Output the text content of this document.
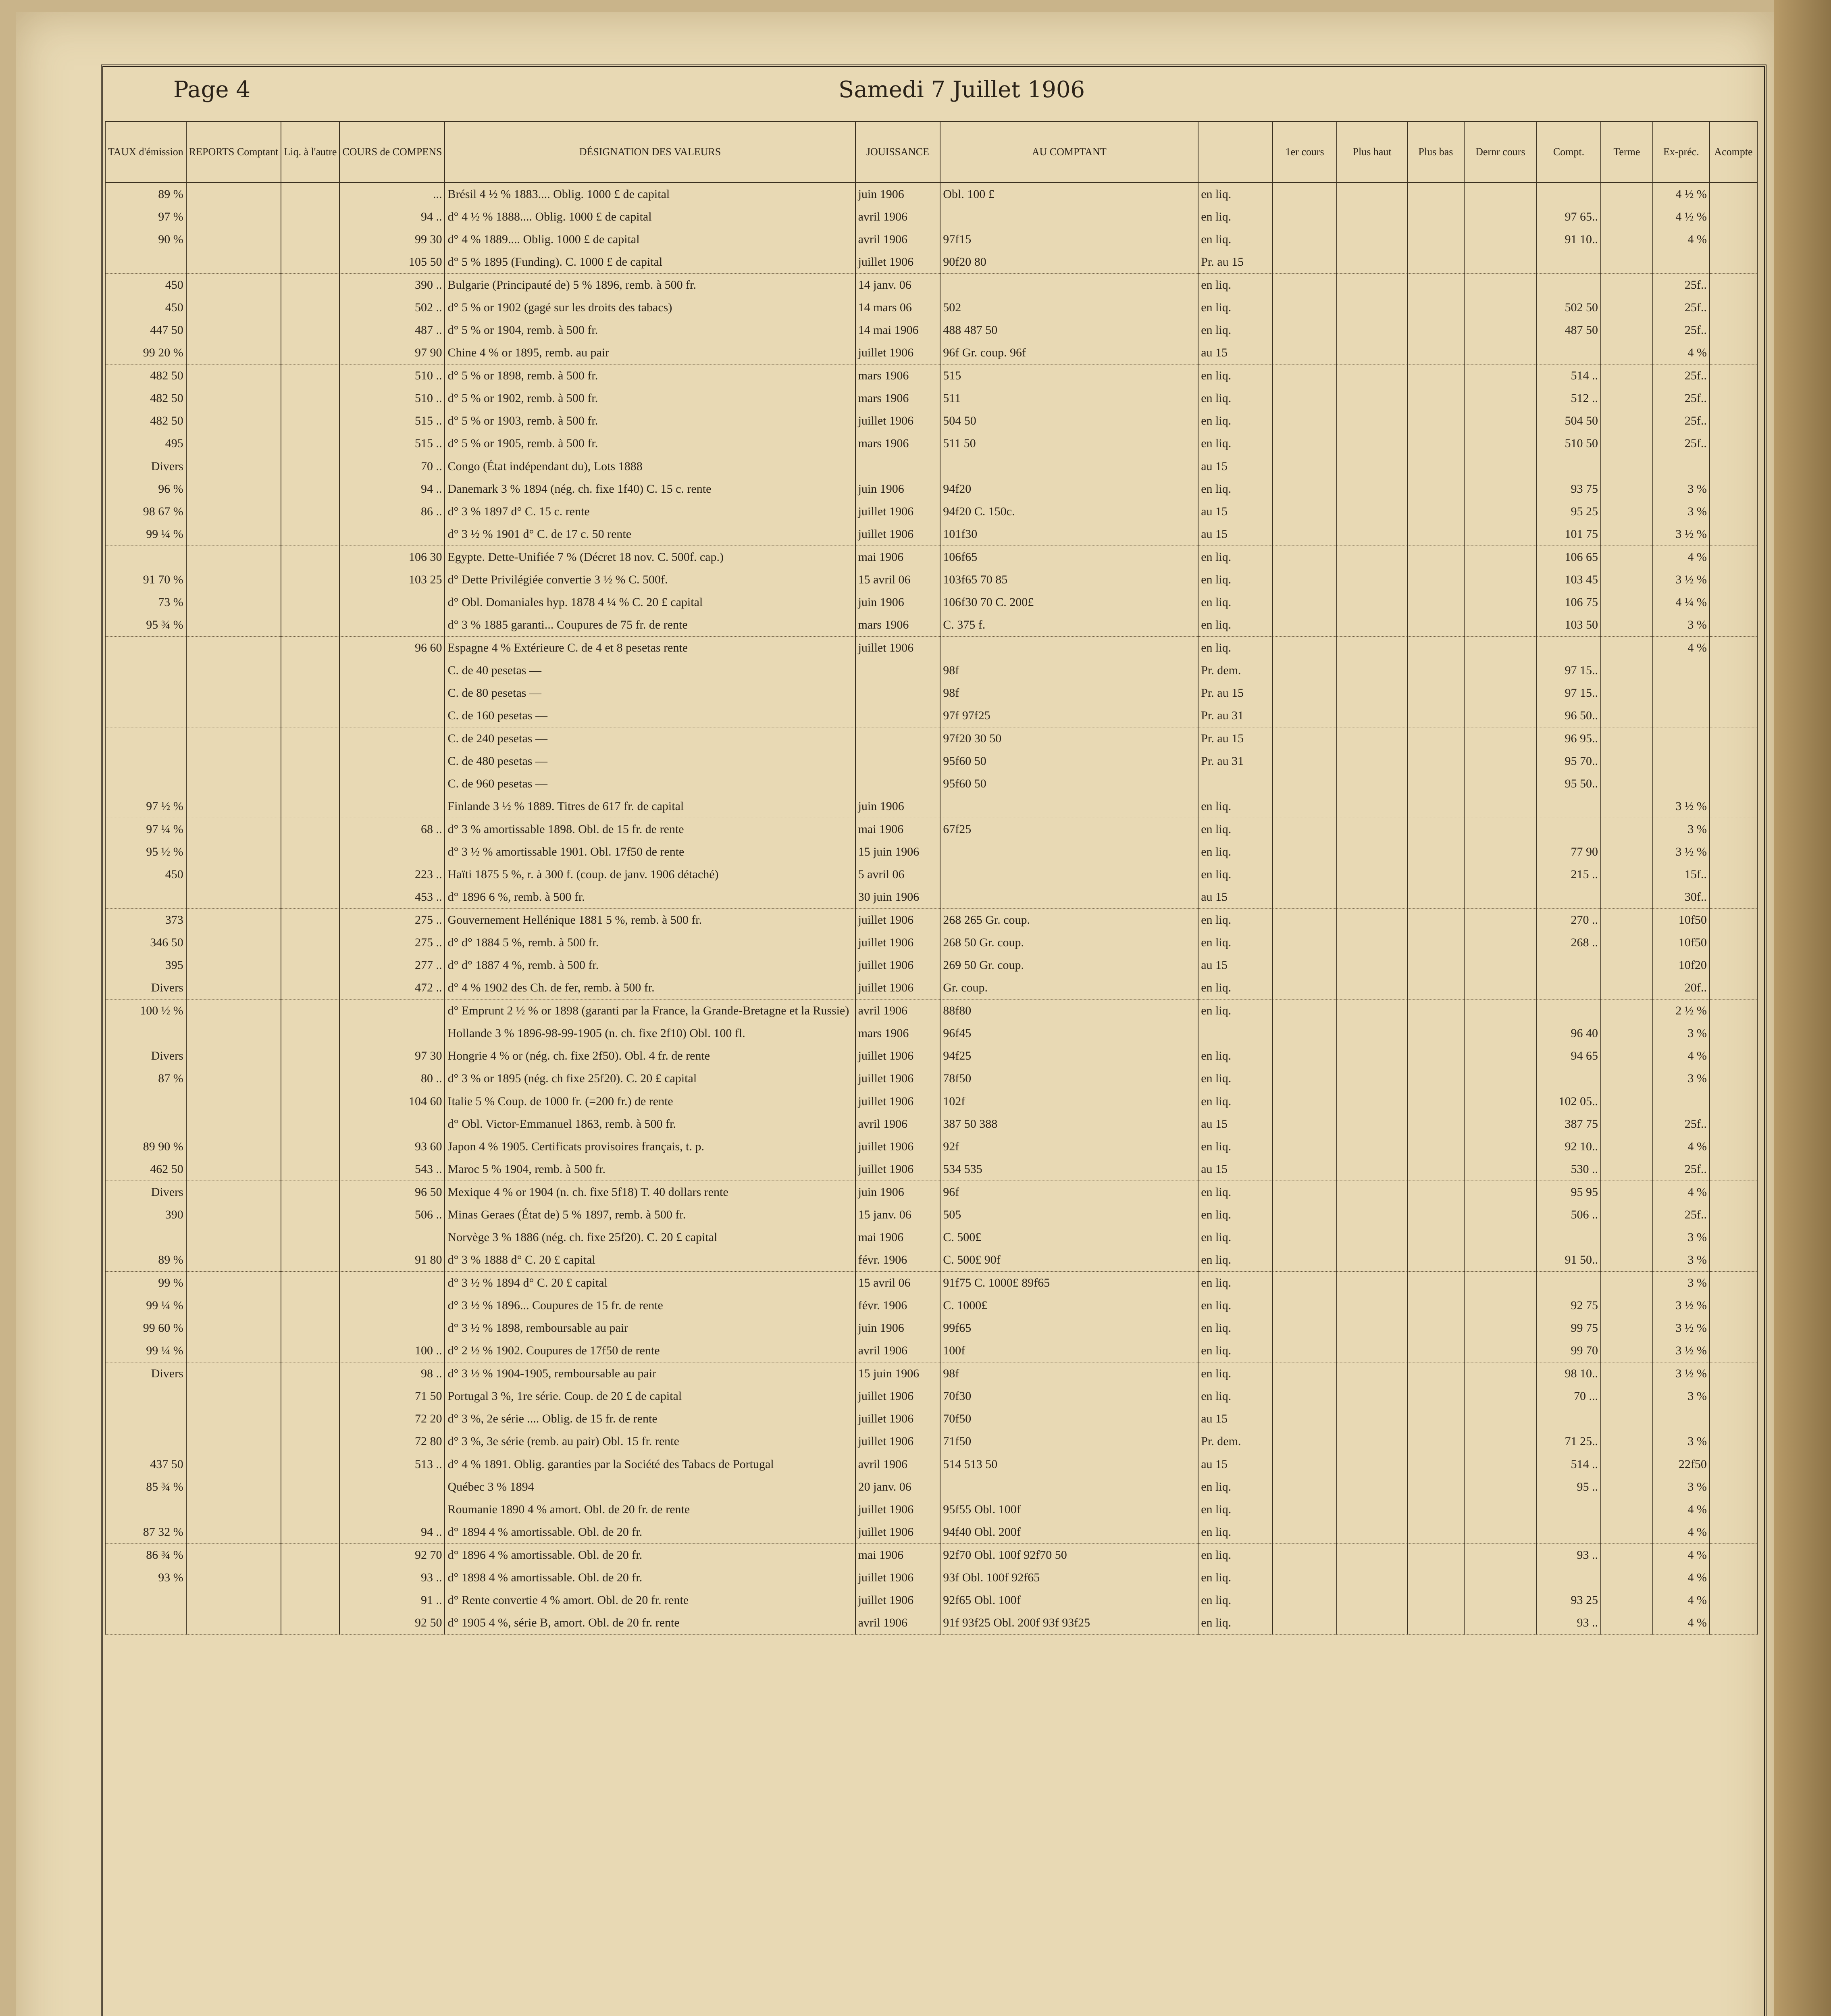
Page 4	Samedi 7 Juillet 1906
TAUX d'émission	REPORTS Comptant	Liq. à l'autre	COURS de COMPENS	DÉSIGNATION DES VALEURS	JOUISSANCE	AU COMPTANT		1er cours	Plus haut	Plus bas	Dernr cours	Compt.	Terme	Ex-préc.	Acompte
89 %			...	Brésil 4 ½ % 1883.... Oblig. 1000 £ de capital	juin 1906	Obl. 100 £	en liq.							4 ½ %	
97 %			94 ..	d° 4 ½ % 1888.... Oblig. 1000 £ de capital	avril 1906		en liq.					97 65..		4 ½ %	
90 %			99 30	d° 4 % 1889.... Oblig. 1000 £ de capital	avril 1906	97f15	en liq.					91 10..		4 %	
			105 50	d° 5 % 1895 (Funding). C. 1000 £ de capital	juillet 1906	90f20 80	Pr. au 15								
450			390 ..	Bulgarie (Principauté de) 5 % 1896, remb. à 500 fr.	14 janv. 06		en liq.							25f..	
450			502 ..	d° 5 % or 1902 (gagé sur les droits des tabacs)	14 mars 06	502	en liq.					502 50		25f..	
447 50			487 ..	d° 5 % or 1904, remb. à 500 fr.	14 mai 1906	488 487 50	en liq.					487 50		25f..	
99 20 %			97 90	Chine 4 % or 1895, remb. au pair	juillet 1906	96f Gr. coup. 96f	au 15							4 %	
482 50			510 ..	d° 5 % or 1898, remb. à 500 fr.	mars 1906	515	en liq.					514 ..		25f..	
482 50			510 ..	d° 5 % or 1902, remb. à 500 fr.	mars 1906	511	en liq.					512 ..		25f..	
482 50			515 ..	d° 5 % or 1903, remb. à 500 fr.	juillet 1906	504 50	en liq.					504 50		25f..	
495			515 ..	d° 5 % or 1905, remb. à 500 fr.	mars 1906	511 50	en liq.					510 50		25f..	
Divers			70 ..	Congo (État indépendant du), Lots 1888			au 15								
96 %			94 ..	Danemark 3 % 1894 (nég. ch. fixe 1f40) C. 15 c. rente	juin 1906	94f20	en liq.					93 75		3 %	
98 67 %			86 ..	d° 3 % 1897 d° C. 15 c. rente	juillet 1906	94f20 C. 150c.	au 15					95 25		3 %	
99 ¼ %				d° 3 ½ % 1901 d° C. de 17 c. 50 rente	juillet 1906	101f30	au 15					101 75		3 ½ %	
			106 30	Egypte. Dette-Unifiée 7 % (Décret 18 nov. C. 500f. cap.)	mai 1906	106f65	en liq.					106 65		4 %	
91 70 %			103 25	d° Dette Privilégiée convertie 3 ½ % C. 500f.	15 avril 06	103f65 70 85	en liq.					103 45		3 ½ %	
73 %				d° Obl. Domaniales hyp. 1878 4 ¼ % C. 20 £ capital	juin 1906	106f30 70 C. 200£	en liq.					106 75		4 ¼ %	
95 ¾ %				d° 3 % 1885 garanti... Coupures de 75 fr. de rente	mars 1906	C. 375 f.	en liq.					103 50		3 %	
			96 60	Espagne 4 % Extérieure C. de 4 et 8 pesetas rente	juillet 1906		en liq.							4 %	
				C. de 40 pesetas —		98f	Pr. dem.					97 15..			
				C. de 80 pesetas —		98f	Pr. au 15					97 15..			
				C. de 160 pesetas —		97f 97f25	Pr. au 31					96 50..			
				C. de 240 pesetas —		97f20 30 50	Pr. au 15					96 95..			
				C. de 480 pesetas —		95f60 50	Pr. au 31					95 70..			
				C. de 960 pesetas —		95f60 50						95 50..			
97 ½ %				Finlande 3 ½ % 1889. Titres de 617 fr. de capital	juin 1906		en liq.							3 ½ %	
97 ¼ %			68 ..	d° 3 % amortissable 1898. Obl. de 15 fr. de rente	mai 1906	67f25	en liq.							3 %	
95 ½ %				d° 3 ½ % amortissable 1901. Obl. 17f50 de rente	15 juin 1906		en liq.					77 90		3 ½ %	
450			223 ..	Haïti 1875 5 %, r. à 300 f. (coup. de janv. 1906 détaché)	5 avril 06		en liq.					215 ..		15f..	
			453 ..	d° 1896 6 %, remb. à 500 fr.	30 juin 1906		au 15							30f..	
373			275 ..	Gouvernement Hellénique 1881 5 %, remb. à 500 fr.	juillet 1906	268 265 Gr. coup.	en liq.					270 ..		10f50	
346 50			275 ..	d° d° 1884 5 %, remb. à 500 fr.	juillet 1906	268 50 Gr. coup.	en liq.					268 ..		10f50	
395			277 ..	d° d° 1887 4 %, remb. à 500 fr.	juillet 1906	269 50 Gr. coup.	au 15							10f20	
Divers			472 ..	d° 4 % 1902 des Ch. de fer, remb. à 500 fr.	juillet 1906	Gr. coup.	en liq.							20f..	
100 ½ %				d° Emprunt 2 ½ % or 1898 (garanti par la France, la Grande-Bretagne et la Russie)	avril 1906	88f80	en liq.							2 ½ %	
				Hollande 3 % 1896-98-99-1905 (n. ch. fixe 2f10) Obl. 100 fl.	mars 1906	96f45						96 40		3 %	
Divers			97 30	Hongrie 4 % or (nég. ch. fixe 2f50). Obl. 4 fr. de rente	juillet 1906	94f25	en liq.					94 65		4 %	
87 %			80 ..	d° 3 % or 1895 (nég. ch fixe 25f20). C. 20 £ capital	juillet 1906	78f50	en liq.							3 %	
			104 60	Italie 5 % Coup. de 1000 fr. (=200 fr.) de rente	juillet 1906	102f	en liq.					102 05..			
				d° Obl. Victor-Emmanuel 1863, remb. à 500 fr.	avril 1906	387 50 388	au 15					387 75		25f..	
89 90 %			93 60	Japon 4 % 1905. Certificats provisoires français, t. p.	juillet 1906	92f	en liq.					92 10..		4 %	
462 50			543 ..	Maroc 5 % 1904, remb. à 500 fr.	juillet 1906	534 535	au 15					530 ..		25f..	
Divers			96 50	Mexique 4 % or 1904 (n. ch. fixe 5f18) T. 40 dollars rente	juin 1906	96f	en liq.					95 95		4 %	
390			506 ..	Minas Geraes (État de) 5 % 1897, remb. à 500 fr.	15 janv. 06	505	en liq.					506 ..		25f..	
				Norvège 3 % 1886 (nég. ch. fixe 25f20). C. 20 £ capital	mai 1906	C. 500£	en liq.							3 %	
89 %			91 80	d° 3 % 1888 d° C. 20 £ capital	févr. 1906	C. 500£ 90f	en liq.					91 50..		3 %	
99 %				d° 3 ½ % 1894 d° C. 20 £ capital	15 avril 06	91f75 C. 1000£ 89f65	en liq.							3 %	
99 ¼ %				d° 3 ½ % 1896... Coupures de 15 fr. de rente	févr. 1906	C. 1000£	en liq.					92 75		3 ½ %	
99 60 %				d° 3 ½ % 1898, remboursable au pair	juin 1906	99f65	en liq.					99 75		3 ½ %	
99 ¼ %			100 ..	d° 2 ½ % 1902. Coupures de 17f50 de rente	avril 1906	100f	en liq.					99 70		3 ½ %	
Divers			98 ..	d° 3 ½ % 1904-1905, remboursable au pair	15 juin 1906	98f	en liq.					98 10..		3 ½ %	
			71 50	Portugal 3 %, 1re série. Coup. de 20 £ de capital	juillet 1906	70f30	en liq.					70 ...		3 %	
			72 20	d° 3 %, 2e série .... Oblig. de 15 fr. de rente	juillet 1906	70f50	au 15								
			72 80	d° 3 %, 3e série (remb. au pair) Obl. 15 fr. rente	juillet 1906	71f50	Pr. dem.					71 25..		3 %	
437 50			513 ..	d° 4 % 1891. Oblig. garanties par la Société des Tabacs de Portugal	avril 1906	514 513 50	au 15					514 ..		22f50	
85 ¾ %				Québec 3 % 1894	20 janv. 06		en liq.					95 ..		3 %	
				Roumanie 1890 4 % amort. Obl. de 20 fr. de rente	juillet 1906	95f55 Obl. 100f	en liq.							4 %	
87 32 %			94 ..	d° 1894 4 % amortissable. Obl. de 20 fr.	juillet 1906	94f40 Obl. 200f	en liq.							4 %	
86 ¾ %			92 70	d° 1896 4 % amortissable. Obl. de 20 fr.	mai 1906	92f70 Obl. 100f 92f70 50	en liq.					93 ..		4 %	
93 %			93 ..	d° 1898 4 % amortissable. Obl. de 20 fr.	juillet 1906	93f Obl. 100f 92f65	en liq.							4 %	
			91 ..	d° Rente convertie 4 % amort. Obl. de 20 fr. rente	juillet 1906	92f65 Obl. 100f	en liq.					93 25		4 %	
			92 50	d° 1905 4 %, série B, amort. Obl. de 20 fr. rente	avril 1906	91f 93f25 Obl. 200f 93f 93f25	en liq.					93 ..		4 %	
